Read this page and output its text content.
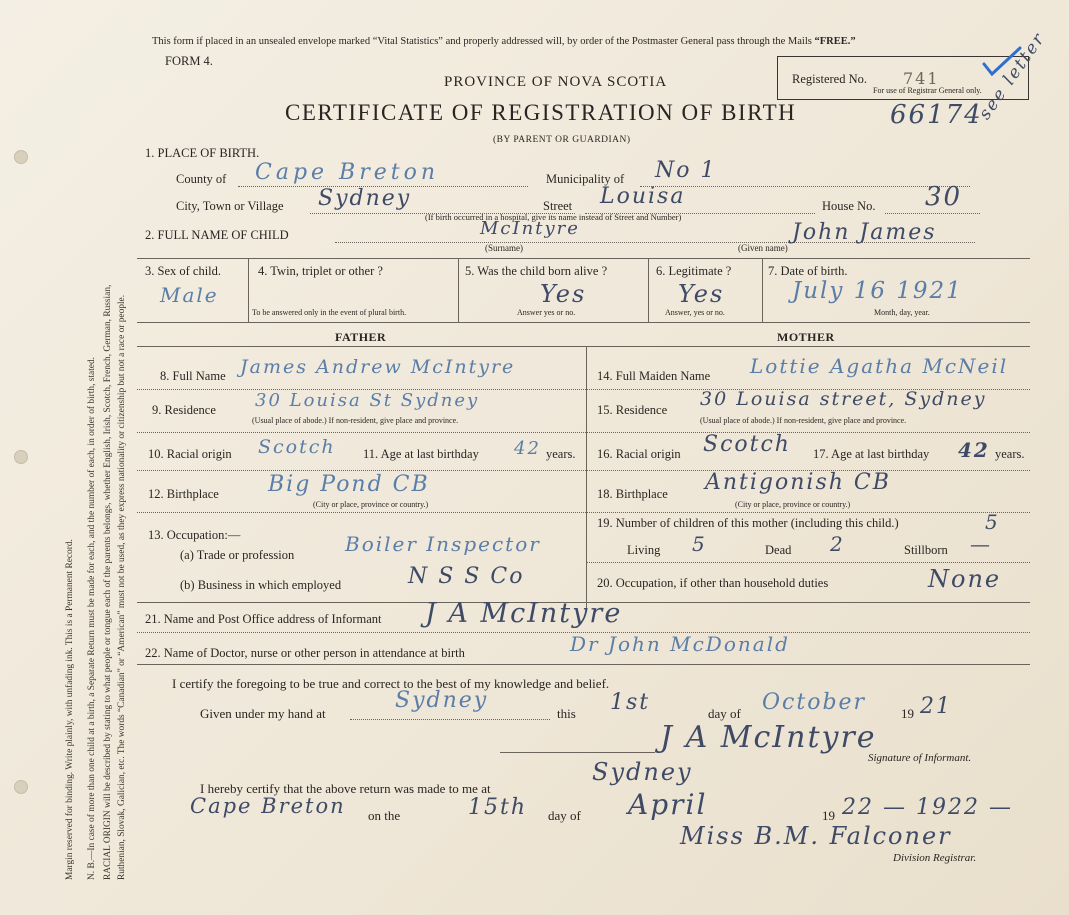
Margin reserved for binding. Write plainly, with unfading ink. This is a Permanent Record. N. B.—In case of more than one child at a birth, a Separate Return must be made for each, and the number of each, in order of birth, stated. RACIAL ORIGIN will be described by stating to what people or tongue each of the parents belongs, whether English, Irish, Scotch, French, German, Russian, Ruthenian, Slovak, Galician, etc. The words “Canadian” or “American” must not be used, as they express nationality or citizenship but not a race or people.
This form if placed in an unsealed envelope marked “Vital Statistics” and properly addressed will, by order of the Postmaster General pass through the Mails “FREE.”
FORM 4.
PROVINCE OF NOVA SCOTIA
CERTIFICATE OF REGISTRATION OF BIRTH
(BY PARENT OR GUARDIAN)
Registered No. 741
For use of Registrar General only.
66174
see letter
1. PLACE OF BIRTH.
County of Cape Breton	Municipality of No 1
City, Town or Village Sydney	Street Louisa	House No. 30
(If birth occurred in a hospital, give its name instead of Street and Number)
2. FULL NAME OF CHILD	McIntyre
(Surname)
John James
(Given name)
3. Sex of child.
Male
4. Twin, triplet or other ?
To be answered only in the event of plural birth.
5. Was the child born alive ?
Yes
Answer yes or no.
6. Legitimate ?
Yes
Answer, yes or no.
7. Date of birth.
July 16 1921
Month, day, year.
FATHER	MOTHER
8. Full Name James Andrew McIntyre
9. Residence 30 Louisa St Sydney
(Usual place of abode.) If non-resident, give place and province.
10. Racial origin Scotch 11. Age at last birthday 42 years.
12. Birthplace Big Pond CB
(City or place, province or country.)
13. Occupation:—
(a) Trade or profession	Boiler Inspector
(b) Business in which employed	N S S Co
14. Full Maiden Name Lottie Agatha McNeil
15. Residence 30 Louisa street, Sydney
(Usual place of abode.) If non-resident, give place and province.
16. Racial origin Scotch 17. Age at last birthday 42 years.
18. Birthplace Antigonish CB
(City or place, province or country.)
19. Number of children of this mother (including this child.)	5
Living 5	Dead 2	Stillborn —
20. Occupation, if other than household duties	None
21. Name and Post Office address of Informant J A McIntyre
22. Name of Doctor, nurse or other person in attendance at birth	Dr John McDonald
I certify the foregoing to be true and correct to the best of my knowledge and belief.
Given under my hand at
Sydney
this 1st	day of October	19 21
J A McIntyre
Signature of Informant.
I hereby certify that the above return was made to me at
Sydney
Cape Breton on the	15th day of April	19 22 — 1922 —
Miss B.M. Falconer
Division Registrar.
